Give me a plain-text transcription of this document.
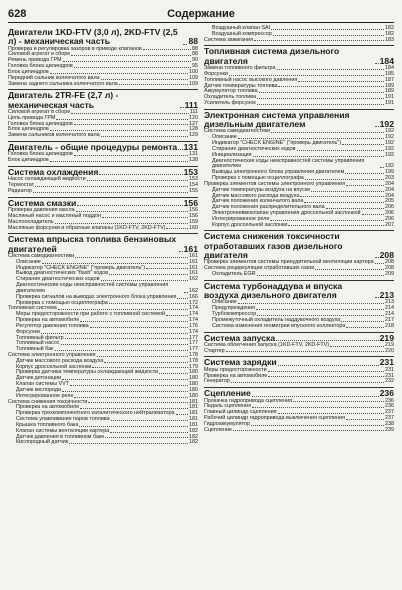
Содержание
628
Двигатели 1KD-FTV (3,0 л), 2KD-FTV (2,5 л) - механическая часть	88
Проверка и регулировка зазоров в приводе клапанов	88
Силовой агрегат в сборе	88
Ремень привода ГРМ	90
Головка блока цилиндров	95
Блок цилиндров	100
Передний сальник коленчатого вала	109
Замена заднего сальника коленчатого вала	109
Двигатель 2TR-FE (2,7 л) - механическая часть	111
Силовой агрегат в сборе	111
Цепь привода ГРМ	120
Головка блока цилиндров	127
Блок цилиндров	128
Замена сальников коленчатого вала	129
Двигатель - общие процедуры ремонта 131
Головка блока цилиндров	131
Блок цилиндров	138
Система охлаждения	153
Насос охлаждающей жидкости	153
Термостат	154
Радиатор	155
Система смазки	156
Проверка давления масла	156
Масляный насос и масляный поддон	156
Маслоохладитель	159
Масляные форсунки и обратные клапаны (1KD-FTV, 2KD-FTV)	160
Система впрыска топлива бензиновых двигателей	161
Система самодиагностики	161
Описание	161
Индикатор "CHECK ENGINE" ("проверь двигатель")	161
Вывод диагностических "flash" кодов	161
Стирание диагностических кодов	162
Диагностические коды неисправностей системы управления двигателем	162
Проверка сигналов на выводах электронного блока управления 166
Проверка с помощью осциллографа	172
Топливная система	174
Меры предосторожности при работе с топливной системой	174
Проверка на автомобиле	174
Регулятор давления топлива	176
Форсунки	174
Топливный фильтр	177
Топливный насос	177
Топливный бак	177
Система электронного управления	178
Датчик массового расхода воздуха	178
Корпус дроссельной заслонки	179
Проверка датчика температуры охлаждающей жидкости	180
Датчик детонации	180
Клапан системы VVT	180
Датчик кислорода	180
Интегрированное реле	180
Система снижения токсичности	181
Проверка на автомобиле	181
Проверка трехкомпонентного каталитического нейтрализатора	181
Система улавливания паров топлива	181
Крышка топливного бака	181
Клапан системы вентиляции картера	182
Датчик давления в топливном баке	182
Кислородный датчик	182
Воздушный клапан SAI	182
Воздушный компрессор	182
Система зажигания	183
Топливная система дизельного двигателя	184
Замена топливного фильтра	184
Форсунки	185
Топливный насос высокого давления	187
Датчик температуры топлива	189
Аккумулятор топлива	189
Охладитель топлива	191
Усилитель форсунок	191
Электронная система управления дизельным двигателем	192
Система самодиагностики	192
Описание	192
Индикатор "CHECK ENGINE" ("проверь двигатель")	192
Стирание диагностических кодов	192
Инициализация	192
Диагностические коды неисправностей системы управления двигателем	192
Выводы электронного блока управления двигателем	199
Проверка с помощью осциллографа	203
Проверка элементов системы электронного управления	204
Датчик температуры воздуха на впуске	204
Датчик массового расхода воздуха	204
Датчик положения коленчатого вала	205
Датчик положения распределительного вала	206
Электропневмоклапан управления дроссельной заслонкой	206
Интегрированное реле	206
Корпус дроссельной заслонки	207
Система снижения токсичности отработавших газов дизельного двигателя	208
Проверка элементов системы принудительной вентиляции картера 208
Система рециркуляции отработавших газов	208
Охладитель EGR	209
Система турбонаддува и впуска воздуха дизельного двигателя	213
Описание	213
Предупреждения	214
Турбокомпрессор	214
Промежуточный охладитель наддувочного воздуха	217
Система изменения геометрии впускного коллектора	218
Система запуска	219
Система облегчения запуска (1KD-FTV, 2KD-FTV)	219
Стартер	220
Система зарядки	231
Меры предосторожности	231
Проверка на автомобиле	231
Генератор	232
Сцепление	236
Прокачка гидропривода сцепления	236
Педаль сцепления	236
Главный цилиндр сцепления	237
Рабочий цилиндр гидропривода выключения сцепления	237
Гидроаккумулятор	238
Сцепление	239
